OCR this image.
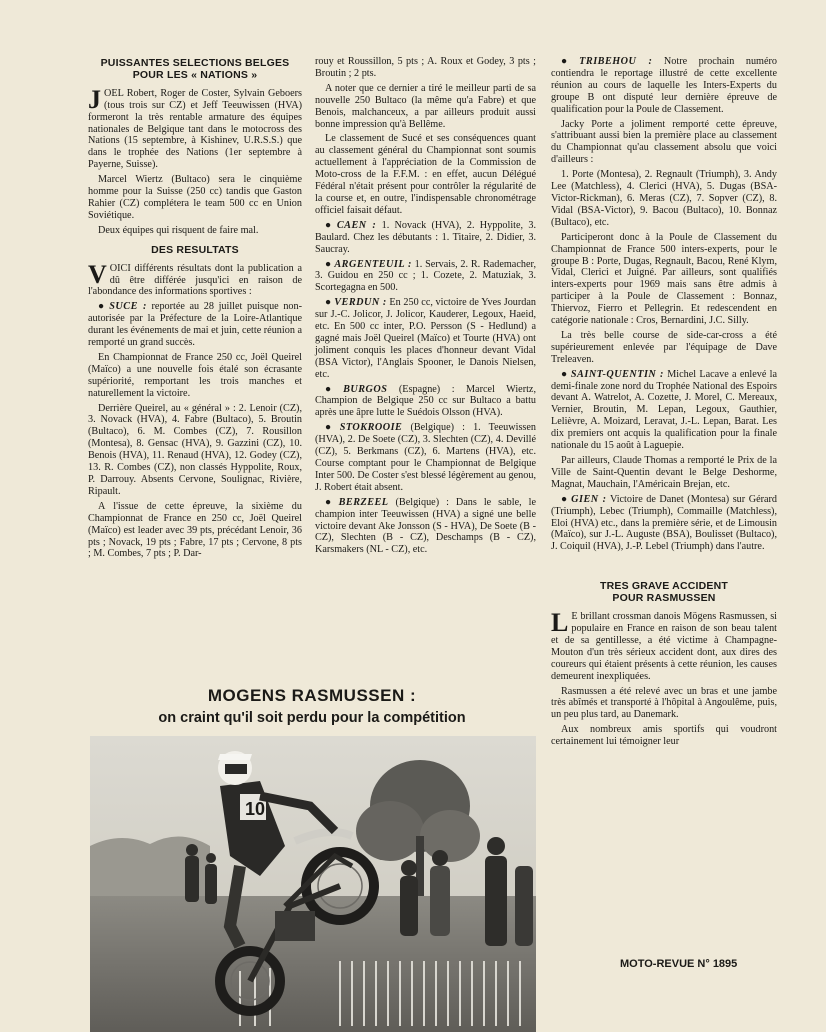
PUISSANTES SELECTIONS BELGES
POUR LES « NATIONS »

JOEL Robert, Roger de Coster, Sylvain Geboers (tous trois sur CZ) et Jeff Teeuwissen (HVA) formeront la très rentable armature des équipes nationales de Belgique tant dans le motocross des Nations (15 septembre, à Kishinev, U.R.S.S.) que dans le trophée des Nations (1er septembre à Payerne, Suisse).

Marcel Wiertz (Bultaco) sera le cinquième homme pour la Suisse (250 cc) tandis que Gaston Rahier (CZ) complétera le team 500 cc en Union Soviétique.

Deux équipes qui risquent de faire mal.

DES RESULTATS

VOICI différents résultats dont la publication a dû être différée jusqu'ici en raison de l'abondance des informations sportives :

● SUCE : reportée au 28 juillet puisque non-autorisée par la Préfecture de la Loire-Atlantique durant les événements de mai et juin, cette réunion a remporté un grand succès.

En Championnat de France 250 cc, Joël Queirel (Maïco) a une nouvelle fois étalé son écrasante supériorité, remportant les trois manches et naturellement la victoire.

Derrière Queirel, au « général » : 2. Lenoir (CZ), 3. Novack (HVA), 4. Fabre (Bultaco), 5. Broutin (Bultaco), 6. M. Combes (CZ), 7. Rousillon (Montesa), 8. Gensac (HVA), 9. Gazzini (CZ), 10. Benois (HVA), 11. Renaud (HVA), 12. Godey (CZ), 13. R. Combes (CZ), non classés Hyppolite, Roux, P. Darrouy. Absents Cervone, Soulignac, Rivière, Ripault.

A l'issue de cette épreuve, la sixième du Championnat de France en 250 cc, Joël Queirel (Maïco) est leader avec 39 pts, précédant Lenoir, 36 pts ; Novack, 19 pts ; Fabre, 17 pts ; Cervone, 8 pts ; M. Combes, 7 pts ; P. Dar-

rouy et Roussillon, 5 pts ; A. Roux et Godey, 3 pts ; Broutin ; 2 pts.

A noter que ce dernier a tiré le meilleur parti de sa nouvelle 250 Bultaco (la même qu'a Fabre) et que Benois, malchanceux, a par ailleurs produit aussi bonne impression qu'à Bellême.

Le classement de Sucé et ses conséquences quant au classement général du Championnat sont soumis actuellement à l'appréciation de la Commission de Moto-cross de la F.F.M. : en effet, aucun Délégué Fédéral n'était présent pour contrôler la régularité de la course et, en outre, l'indispensable chronométrage officiel faisait défaut.

● CAEN : 1. Novack (HVA), 2. Hyppolite, 3. Baulard. Chez les débutants : 1. Titaire, 2. Didier, 3. Saucray.

● ARGENTEUIL : 1. Servais, 2. R. Rademacher, 3. Guidou en 250 cc ; 1. Cozete, 2. Matuziak, 3. Scortegagna en 500.

● VERDUN : En 250 cc, victoire de Yves Jourdan sur J.-C. Jolicor, J. Jolicor, Kauderer, Legoux, Haeid, etc. En 500 cc inter, P.O. Persson (S - Hedlund) a gagné mais Joël Queirel (Maïco) et Tourte (HVA) ont joliment conquis les places d'honneur devant Vidal (BSA Victor), l'Anglais Spooner, le Danois Nielsen, etc.

● BURGOS (Espagne) : Marcel Wiertz, Champion de Belgique 250 cc sur Bultaco a battu après une âpre lutte le Suédois Olsson (HVA).

● STOKROOIE (Belgique) : 1. Teeuwissen (HVA), 2. De Soete (CZ), 3. Slechten (CZ), 4. Devillé (CZ), 5. Berkmans (CZ), 6. Martens (HVA), etc. Course comptant pour le Championnat de Belgique Inter 500. De Coster s'est blessé légèrement au genou, J. Robert était absent.

● BERZEEL (Belgique) : Dans le sable, le champion inter Teeuwissen (HVA) a signé une belle victoire devant Ake Jonsson (S - HVA), De Soete (B - CZ), Slechten (B - CZ), Deschamps (B - CZ), Karsmakers (NL - CZ), etc.

● TRIBEHOU : Notre prochain numéro contiendra le reportage illustré de cette excellente réunion au cours de laquelle les Inters-Experts du groupe B ont disputé leur dernière épreuve de qualification pour la Poule de Classement.

Jacky Porte a joliment remporté cette épreuve, s'attribuant aussi bien la première place au classement du Championnat qu'au classement absolu que voici d'ailleurs :

1. Porte (Montesa), 2. Regnault (Triumph), 3. Andy Lee (Matchless), 4. Clerici (HVA), 5. Dugas (BSA-Victor-Rickman), 6. Meras (CZ), 7. Sopver (CZ), 8. Vidal (BSA-Victor), 9. Bacou (Bultaco), 10. Bonnaz (Bultaco), etc.

Participeront donc à la Poule de Classement du Championnat de France 500 inters-experts, pour le groupe B : Porte, Dugas, Regnault, Bacou, René Klym, Vidal, Clerici et Juigné. Par ailleurs, sont qualifiés inters-experts pour 1969 mais sans être admis à participer à la Poule de Classement : Bonnaz, Thiervoz, Fierro et Pellegrin. Et redescendent en catégorie nationale : Cros, Bernardini, J.C. Silly.

La très belle course de side-car-cross a été supérieurement enlevée par l'équipage de Dave Treleaven.

● SAINT-QUENTIN : Michel Lacave a enlevé la demi-finale zone nord du Trophée National des Espoirs devant A. Watrelot, A. Cozette, J. Morel, C. Mereaux, Vernier, Broutin, M. Lepan, Legoux, Gauthier, Lelièvre, A. Moizard, Leravat, J.-L. Lepan, Barat. Les dix premiers ont acquis la qualification pour la finale nationale du 15 août à Laguepie.

Par ailleurs, Claude Thomas a remporté le Prix de la Ville de Saint-Quentin devant le Belge Deshorme, Magnat, Mauchain, l'Américain Brejan, etc.

● GIEN : Victoire de Danet (Montesa) sur Gérard (Triumph), Lebec (Triumph), Commaille (Matchless), Eloi (HVA) etc., dans la première série, et de Limousin (Maïco), sur J.-L. Auguste (BSA), Boulisset (Bultaco), J. Coiquil (HVA), J.-P. Lebel (Triumph) dans l'autre.

TRES GRAVE ACCIDENT
POUR RASMUSSEN

L E brillant crossman danois Mögens Rasmussen, si populaire en France en raison de son beau talent et de sa gentillesse, a été victime à Champagne-Mouton d'un très sérieux accident dont, aux dires des coureurs qui étaient présents à cette réunion, les causes demeurent inexpliquées.

Rasmussen a été relevé avec un bras et une jambe très abîmés et transporté à l'hôpital à Angoulême, puis, un peu plus tard, au Danemark.

Aux nombreux amis sportifs qui voudront certainement lui témoigner leur

MOGENS RASMUSSEN :
on craint qu'il soit perdu pour la compétition
10
MOTO-REVUE N° 1895
